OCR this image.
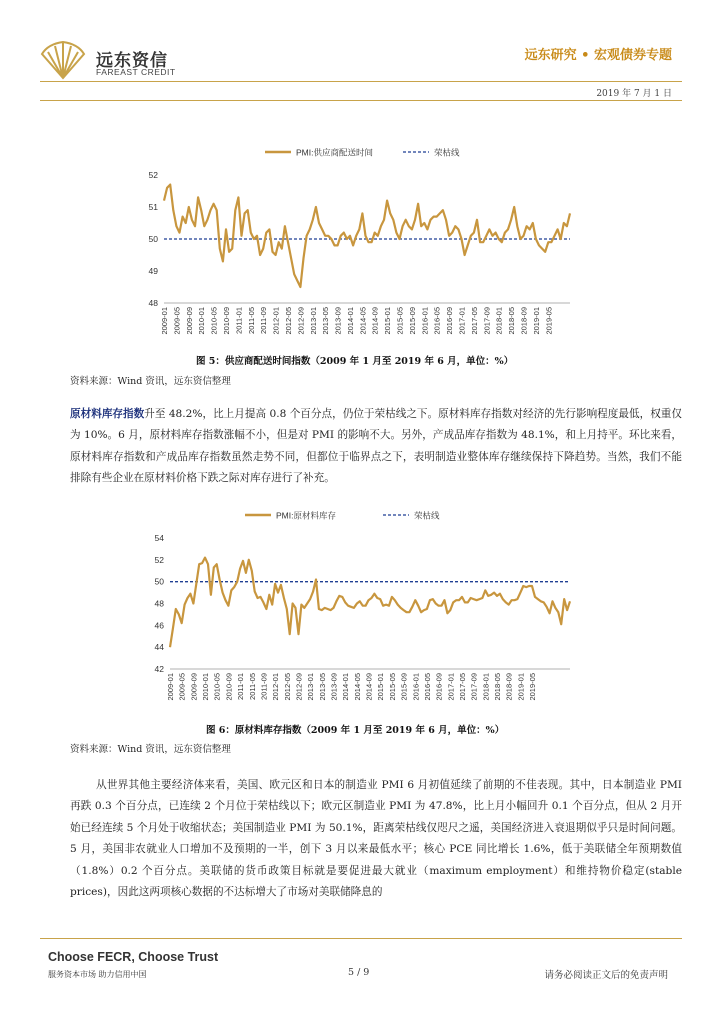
远东资信
FAREAST CREDIT
远东研究 • 宏观债券专题
2019 年 7 月 1 日
PMI:供应商配送时间	荣枯线
48
49
50
51
52
2009-01 2009-05 2009-09 2010-01 2010-05 2010-09 2011-01 2011-05 2011-09 2012-01 2012-05 2012-09 2013-01 2013-05 2013-09 2014-01 2014-05 2014-09 2015-01 2015-05 2015-09 2016-01 2016-05 2016-09 2017-01 2017-05 2017-09 2018-01 2018-05 2018-09 2019-01 2019-05
图 5：供应商配送时间指数（2009 年 1 月至 2019 年 6 月，单位：%）
资料来源：Wind 资讯，远东资信整理
原材料库存指数升至 48.2%，比上月提高 0.8 个百分点，仍位于荣枯线之下。原材料库存指数对经济的先行影响程度最低，权重仅为 10%。6 月，原材料库存指数涨幅不小，但是对 PMI 的影响不大。另外，产成品库存指数为 48.1%，和上月持平。环比来看，原材料库存指数和产成品库存指数虽然走势不同，但都位于临界点之下，表明制造业整体库存继续保持下降趋势。当然，我们不能排除有些企业在原材料价格下跌之际对库存进行了补充。
PMI:原材料库存	荣枯线
42
44
46
48
50
52
54
2009-01 2009-05 2009-09 2010-01 2010-05 2010-09 2011-01 2011-05 2011-09 2012-01 2012-05 2012-09 2013-01 2013-05 2013-09 2014-01 2014-05 2014-09 2015-01 2015-05 2015-09 2016-01 2016-05 2016-09 2017-01 2017-05 2017-09 2018-01 2018-05 2018-09 2019-01 2019-05
图 6：原材料库存指数（2009 年 1 月至 2019 年 6 月，单位：%）
资料来源：Wind 资讯，远东资信整理
从世界其他主要经济体来看，美国、欧元区和日本的制造业 PMI 6 月初值延续了前期的不佳表现。其中，日本制造业 PMI 再跌 0.3 个百分点，已连续 2 个月位于荣枯线以下；欧元区制造业 PMI 为 47.8%，比上月小幅回升 0.1 个百分点，但从 2 月开始已经连续 5 个月处于收缩状态；美国制造业 PMI 为 50.1%，距离荣枯线仅咫尺之遥，美国经济进入衰退期似乎只是时间问题。5 月，美国非农就业人口增加不及预期的一半，创下 3 月以来最低水平；核心 PCE 同比增长 1.6%，低于美联储全年预期数值（1.8%）0.2 个百分点。美联储的货币政策目标就是要促进最大就业（maximum employment）和维持物价稳定(stable prices)，因此这两项核心数据的不达标增大了市场对美联储降息的
Choose FECR, Choose Trust
服务资本市场 助力信用中国	5 / 9	请务必阅读正文后的免责声明
